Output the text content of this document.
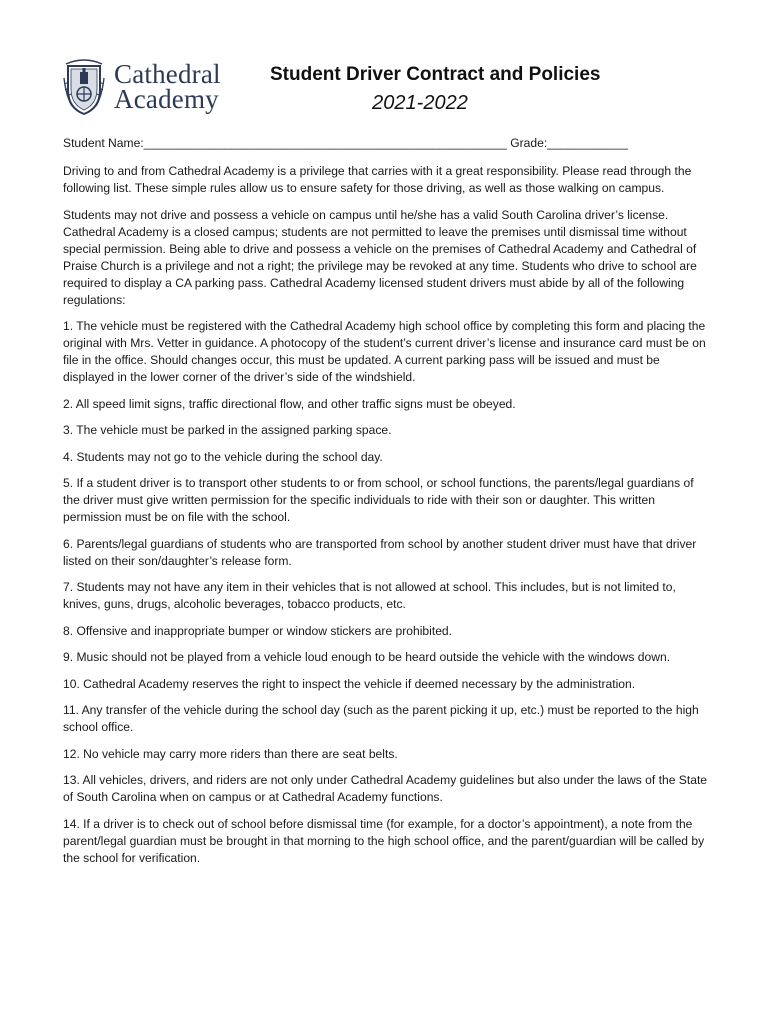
Cathedral
Academy
Student Driver Contract and Policies
2021-2022

Student Name:______________________________________________________ Grade:____________

Driving to and from Cathedral Academy is a privilege that carries with it a great responsibility. Please read through the following list. These simple rules allow us to ensure safety for those driving, as well as those walking on campus.

Students may not drive and possess a vehicle on campus until he/she has a valid South Carolina driver’s license. Cathedral Academy is a closed campus; students are not permitted to leave the premises until dismissal time without special permission. Being able to drive and possess a vehicle on the premises of Cathedral Academy and Cathedral of Praise Church is a privilege and not a right; the privilege may be revoked at any time. Students who drive to school are required to display a CA parking pass. Cathedral Academy licensed student drivers must abide by all of the following regulations:

1. The vehicle must be registered with the Cathedral Academy high school office by completing this form and placing the original with Mrs. Vetter in guidance. A photocopy of the student’s current driver’s license and insurance card must be on file in the office. Should changes occur, this must be updated. A current parking pass will be issued and must be displayed in the lower corner of the driver’s side of the windshield.

2. All speed limit signs, traffic directional flow, and other traffic signs must be obeyed.

3. The vehicle must be parked in the assigned parking space.

4. Students may not go to the vehicle during the school day.

5. If a student driver is to transport other students to or from school, or school functions, the parents/legal guardians of the driver must give written permission for the specific individuals to ride with their son or daughter. This written permission must be on file with the school.

6. Parents/legal guardians of students who are transported from school by another student driver must have that driver listed on their son/daughter’s release form.

7. Students may not have any item in their vehicles that is not allowed at school. This includes, but is not limited to, knives, guns, drugs, alcoholic beverages, tobacco products, etc.

8. Offensive and inappropriate bumper or window stickers are prohibited.

9. Music should not be played from a vehicle loud enough to be heard outside the vehicle with the windows down.

10. Cathedral Academy reserves the right to inspect the vehicle if deemed necessary by the administration.

11. Any transfer of the vehicle during the school day (such as the parent picking it up, etc.) must be reported to the high school office.

12. No vehicle may carry more riders than there are seat belts.

13. All vehicles, drivers, and riders are not only under Cathedral Academy guidelines but also under the laws of the State of South Carolina when on campus or at Cathedral Academy functions.

14. If a driver is to check out of school before dismissal time (for example, for a doctor’s appointment), a note from the parent/legal guardian must be brought in that morning to the high school office, and the parent/guardian will be called by the school for verification.
